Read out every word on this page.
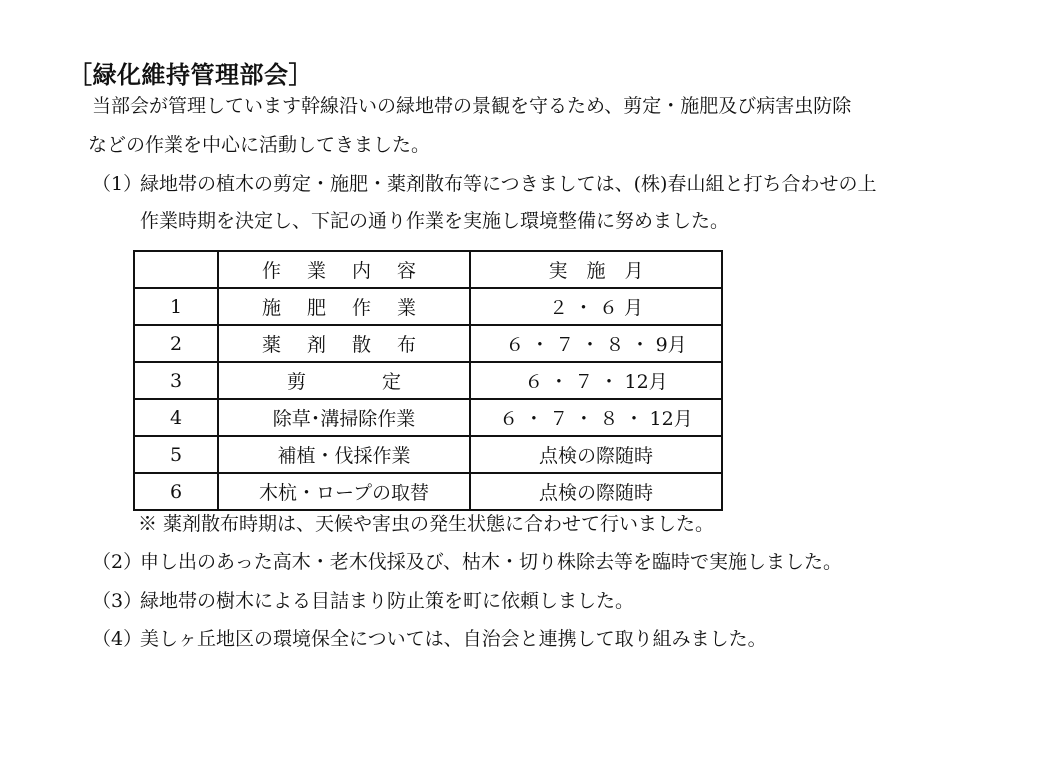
［緑化維持管理部会］
当部会が管理しています幹線沿いの緑地帯の景観を守るため、剪定・施肥及び病害虫防除
などの作業を中心に活動してきました。
（1）緑地帯の植木の剪定・施肥・薬剤散布等につきましては、(株)春山組と打ち合わせの上
作業時期を決定し、下記の通り作業を実施し環境整備に努めました。
	作 業 内 容	実　施　月
1	施 肥 作 業	２ ・ ６ 月
2	薬 剤 散 布	６ ・ ７ ・ ８ ・ 9月
3	剪　　　　定	６ ・ ７ ・ 12月
4	除草･溝掃除作業	６ ・ ７ ・ ８ ・ 12月
5	補植・伐採作業	点検の際随時
6	木杭・ロープの取替	点検の際随時
※ 薬剤散布時期は、天候や害虫の発生状態に合わせて行いました。
（2）申し出のあった高木・老木伐採及び、枯木・切り株除去等を臨時で実施しました。
（3）緑地帯の樹木による目詰まり防止策を町に依頼しました。
（4）美しヶ丘地区の環境保全については、自治会と連携して取り組みました。
